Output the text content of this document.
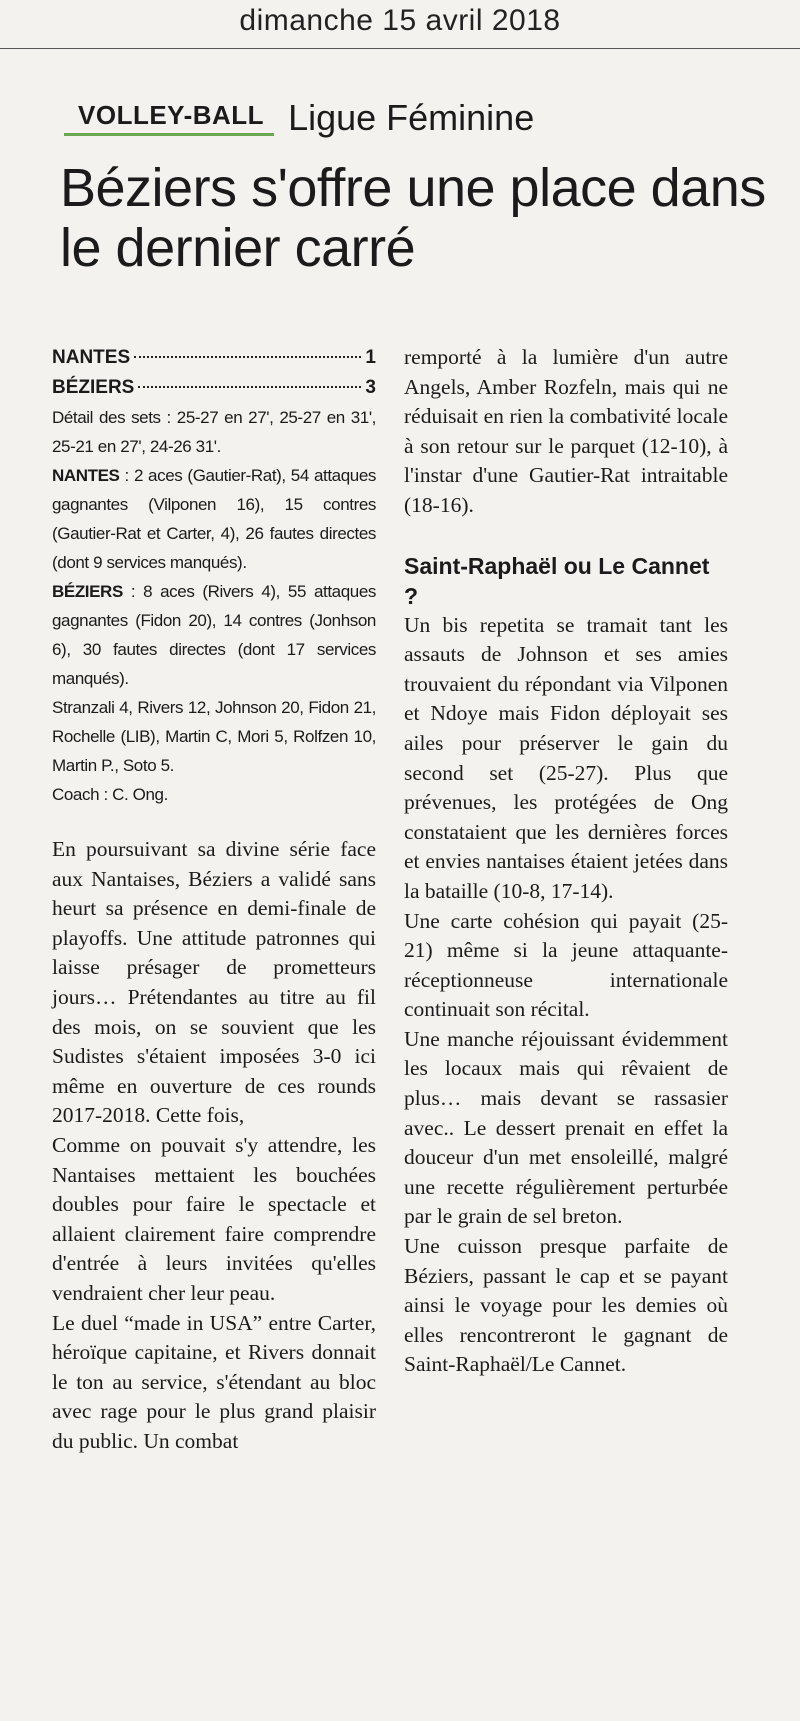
dimanche 15 avril 2018
VOLLEY-BALL Ligue Féminine
Béziers s'offre une place dans le dernier carré
NANTES	1
BÉZIERS	3

Détail des sets : 25-27 en 27', 25-27 en 31', 25-21 en 27', 24-26 31'.

NANTES : 2 aces (Gautier-Rat), 54 attaques gagnantes (Vilponen 16), 15 contres (Gautier-Rat et Carter, 4), 26 fautes directes (dont 9 services manqués).

BÉZIERS : 8 aces (Rivers 4), 55 attaques gagnantes (Fidon 20), 14 contres (Jonhson 6), 30 fautes directes (dont 17 services manqués).

Stranzali 4, Rivers 12, Johnson 20, Fidon 21, Rochelle (LIB), Martin C, Mori 5, Rolfzen 10, Martin P., Soto 5.

Coach : C. Ong.

En poursuivant sa divine série face aux Nantaises, Béziers a validé sans heurt sa présence en demi-finale de playoffs. Une attitude patronnes qui laisse présager de prometteurs jours… Prétendantes au titre au fil des mois, on se souvient que les Sudistes s'étaient imposées 3-0 ici même en ouverture de ces rounds 2017-2018. Cette fois,

Comme on pouvait s'y attendre, les Nantaises mettaient les bouchées doubles pour faire le spectacle et allaient clairement faire comprendre d'entrée à leurs invitées qu'elles vendraient cher leur peau.

Le duel “made in USA” entre Carter, héroïque capitaine, et Rivers donnait le ton au service, s'étendant au bloc avec rage pour le plus grand plaisir du public. Un combat

remporté à la lumière d'un autre Angels, Amber Rozfeln, mais qui ne réduisait en rien la combativité locale à son retour sur le parquet (12-10), à l'instar d'une Gautier-Rat intraitable (18-16).

Saint-Raphaël ou Le Cannet ?

Un bis repetita se tramait tant les assauts de Johnson et ses amies trouvaient du répondant via Vilponen et Ndoye mais Fidon déployait ses ailes pour préserver le gain du second set (25-27). Plus que prévenues, les protégées de Ong constataient que les dernières forces et envies nantaises étaient jetées dans la bataille (10-8, 17-14).

Une carte cohésion qui payait (25-21) même si la jeune attaquante-réceptionneuse internationale continuait son récital.

Une manche réjouissant évidemment les locaux mais qui rêvaient de plus… mais devant se rassasier avec.. Le dessert prenait en effet la douceur d'un met ensoleillé, malgré une recette régulièrement perturbée par le grain de sel breton.

Une cuisson presque parfaite de Béziers, passant le cap et se payant ainsi le voyage pour les demies où elles rencontreront le gagnant de Saint-Raphaël/Le Cannet.
